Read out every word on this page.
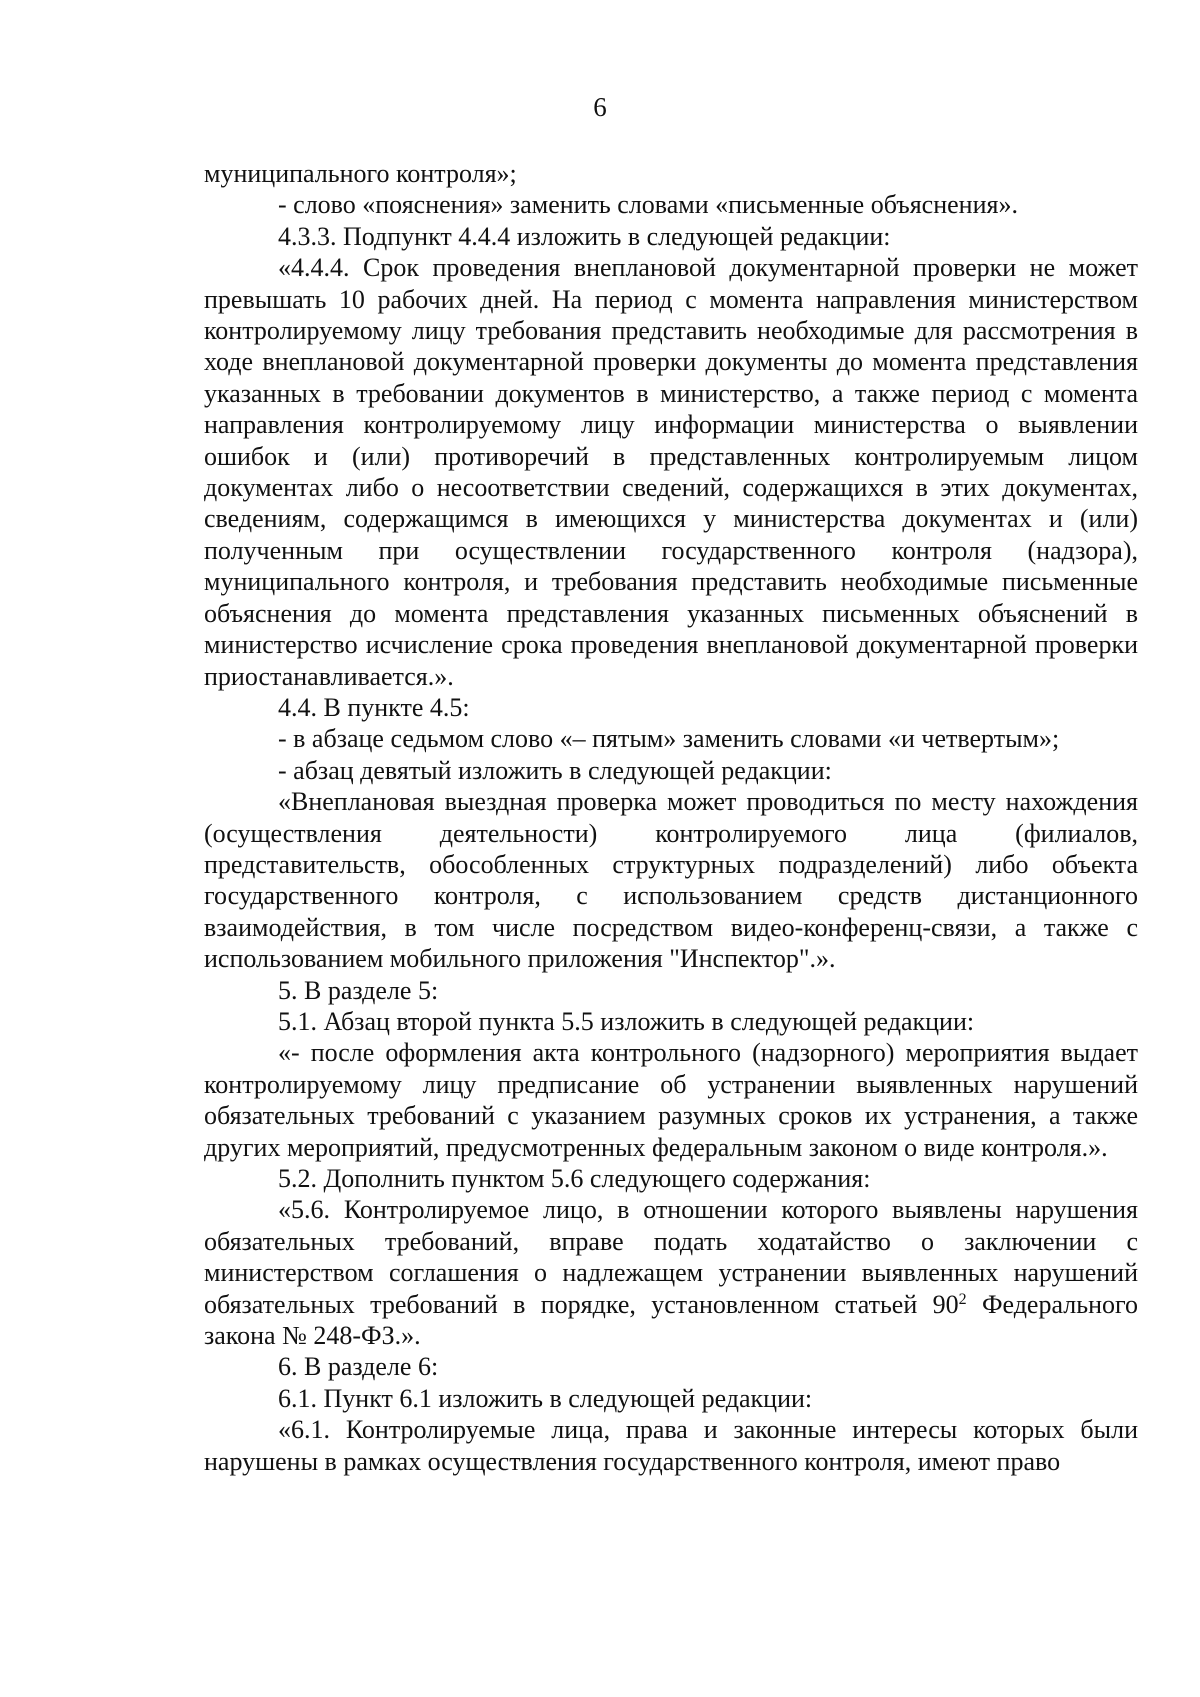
6

муниципального контроля»;

- слово «пояснения» заменить словами «письменные объяснения».

4.3.3. Подпункт 4.4.4 изложить в следующей редакции:

«4.4.4. Срок проведения внеплановой документарной проверки не может превышать 10 рабочих дней. На период с момента направления министерством контролируемому лицу требования представить необходимые для рассмотрения в ходе внеплановой документарной проверки документы до момента представления указанных в требовании документов в министерство, а также период с момента направления контролируемому лицу информации министерства о выявлении ошибок и (или) противоречий в представленных контролируемым лицом документах либо о несоответствии сведений, содержащихся в этих документах, сведениям, содержащимся в имеющихся у министерства документах и (или) полученным при осуществлении государственного контроля (надзора), муниципального контроля, и требования представить необходимые письменные объяснения до момента представления указанных письменных объяснений в министерство исчисление срока проведения внеплановой документарной проверки приостанавливается.».

4.4. В пункте 4.5:

- в абзаце седьмом слово «– пятым» заменить словами «и четвертым»;

- абзац девятый изложить в следующей редакции:

«Внеплановая выездная проверка может проводиться по месту нахождения (осуществления деятельности) контролируемого лица (филиалов, представительств, обособленных структурных подразделений) либо объекта государственного контроля, с использованием средств дистанционного взаимодействия, в том числе посредством видео-конференц-связи, а также с использованием мобильного приложения "Инспектор".».

5. В разделе 5:

5.1. Абзац второй пункта 5.5 изложить в следующей редакции:

«- после оформления акта контрольного (надзорного) мероприятия выдает контролируемому лицу предписание об устранении выявленных нарушений обязательных требований с указанием разумных сроков их устранения, а также других мероприятий, предусмотренных федеральным законом о виде контроля.».

5.2. Дополнить пунктом 5.6 следующего содержания:

«5.6. Контролируемое лицо, в отношении которого выявлены нарушения обязательных требований, вправе подать ходатайство о заключении с министерством соглашения о надлежащем устранении выявленных нарушений обязательных требований в порядке, установленном статьей $90^2$ Федерального закона № 248-ФЗ.».

6. В разделе 6:

6.1. Пункт 6.1 изложить в следующей редакции:

«6.1. Контролируемые лица, права и законные интересы которых были нарушены в рамках осуществления государственного контроля, имеют право
